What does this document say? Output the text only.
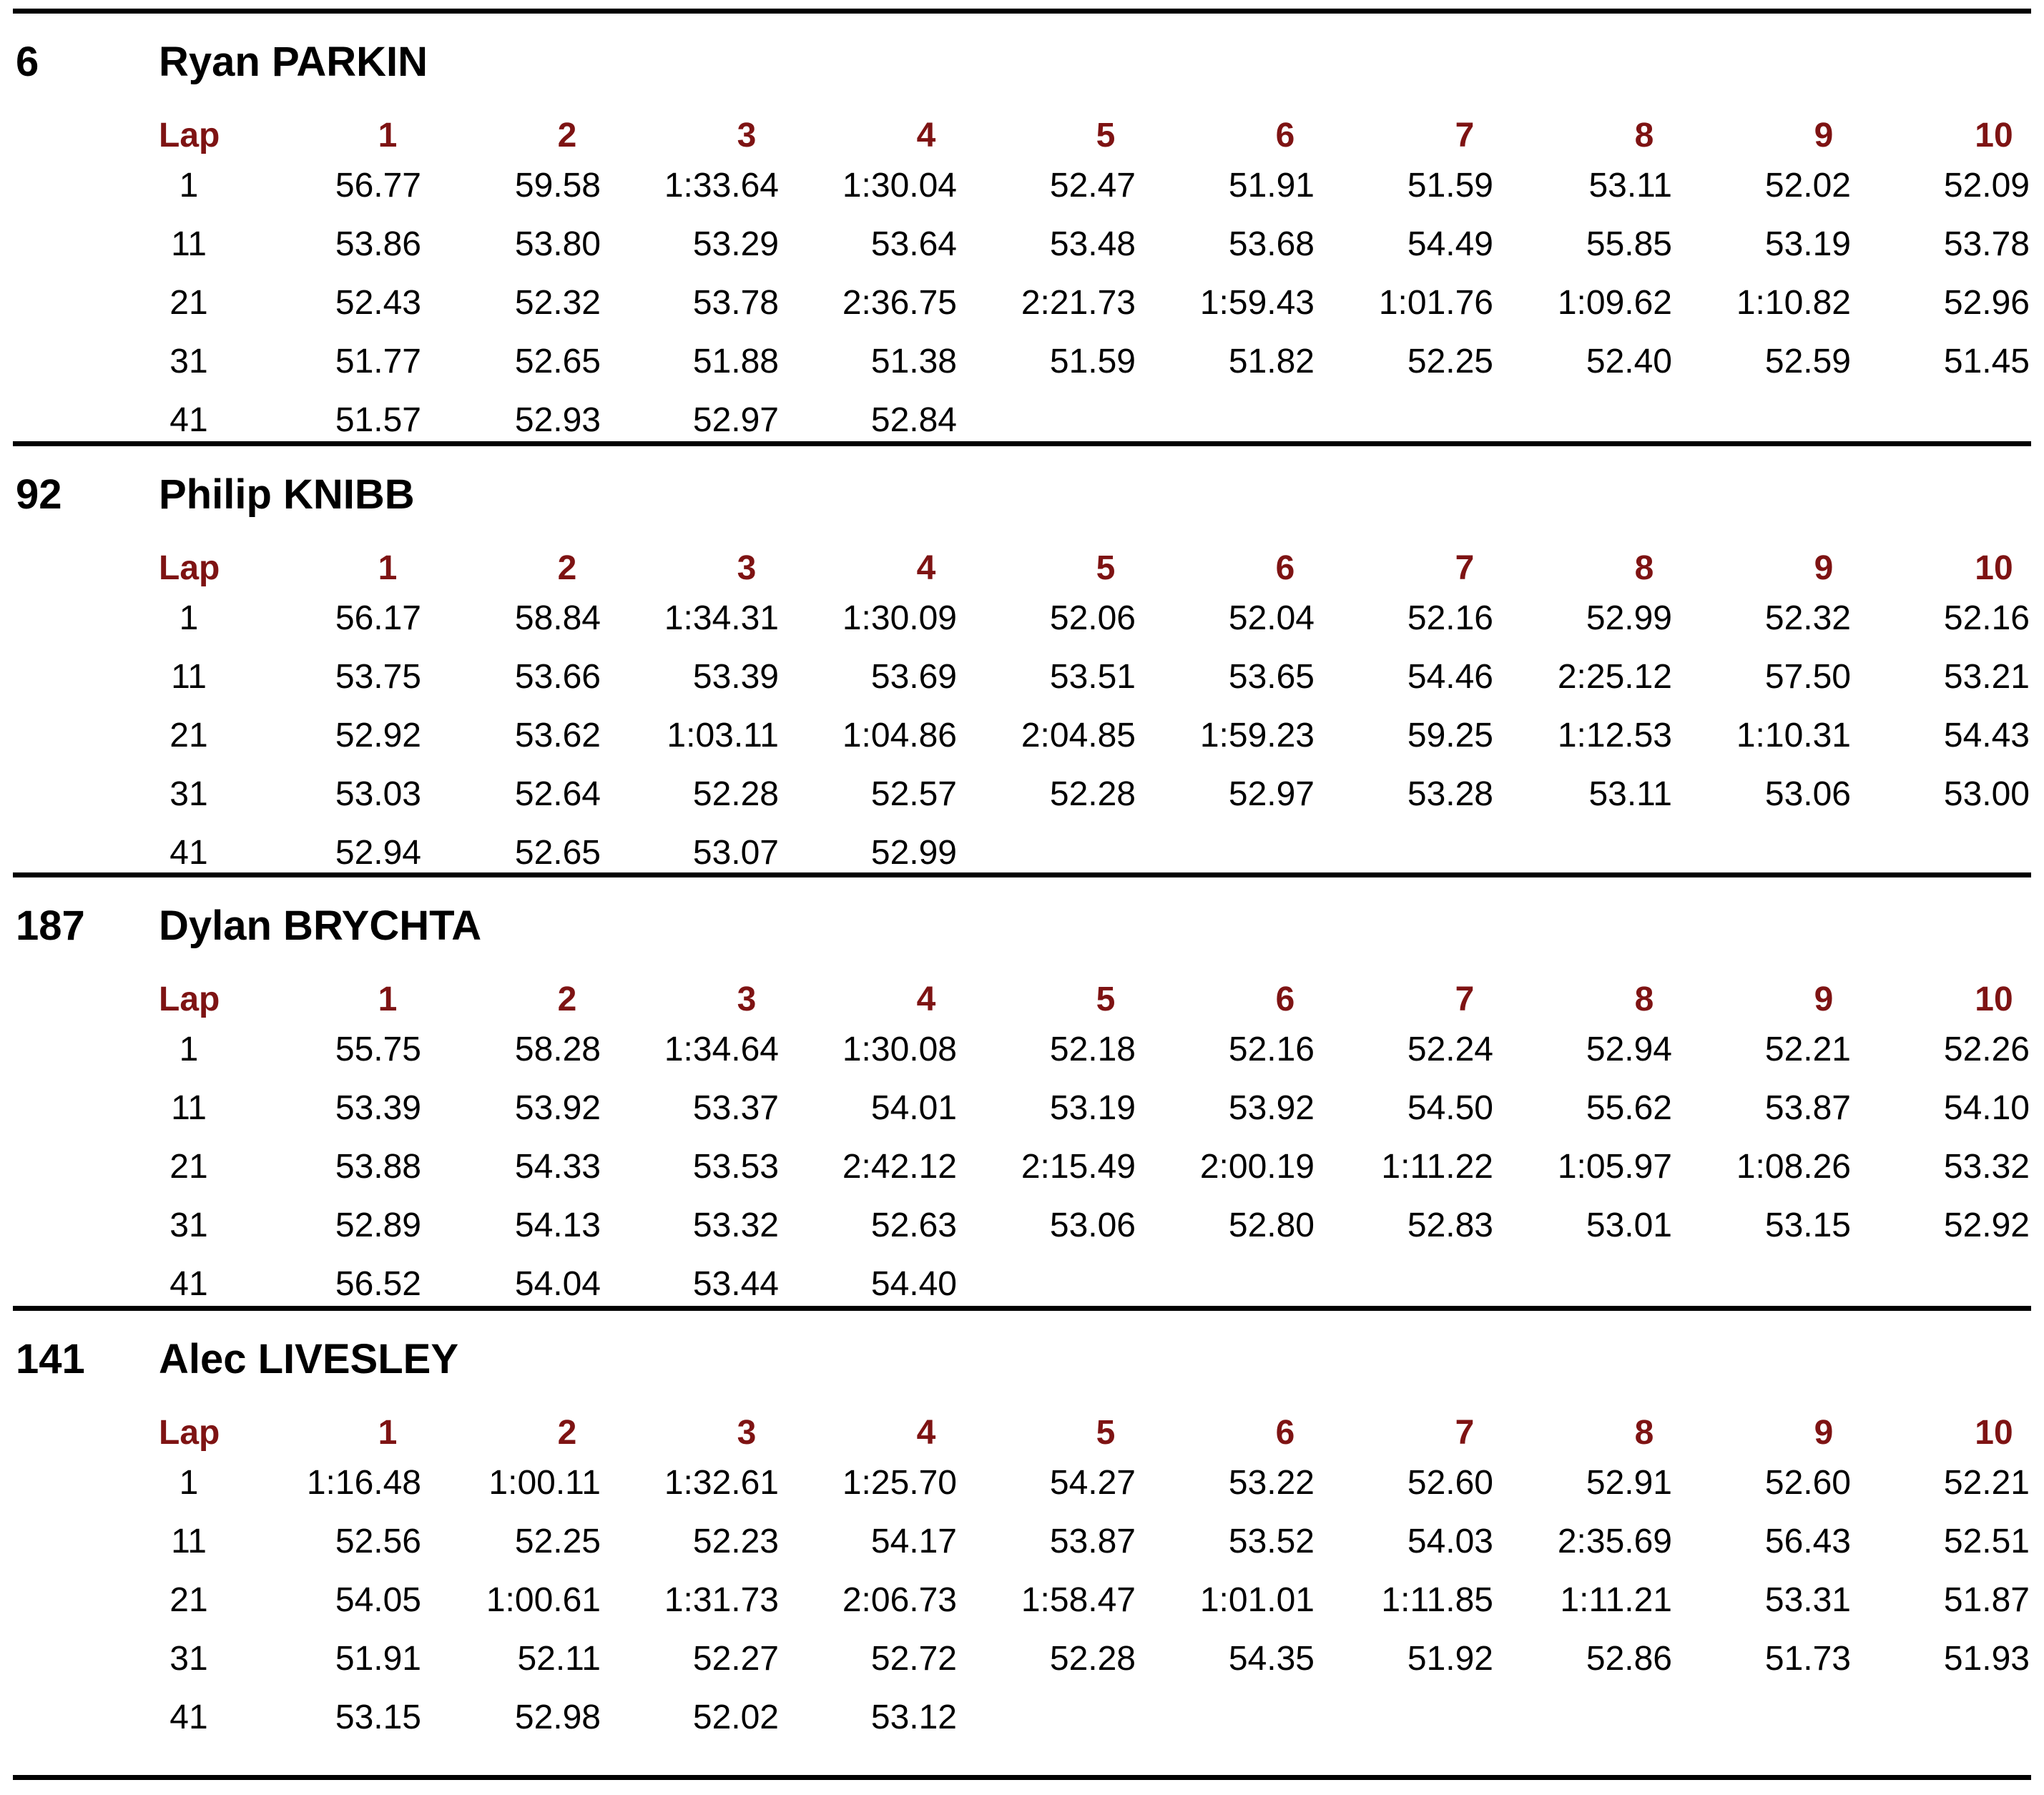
6	Ryan PARKIN
Lap	1	2	3	4	5	6	7	8	9	10
1	56.77	59.58	1:33.64	1:30.04	52.47	51.91	51.59	53.11	52.02	52.09
11	53.86	53.80	53.29	53.64	53.48	53.68	54.49	55.85	53.19	53.78
21	52.43	52.32	53.78	2:36.75	2:21.73	1:59.43	1:01.76	1:09.62	1:10.82	52.96
31	51.77	52.65	51.88	51.38	51.59	51.82	52.25	52.40	52.59	51.45
41	51.57	52.93	52.97	52.84
92 Philip KNIBB
Lap	1	2	3	4	5	6	7	8	9	10
1	56.17	58.84	1:34.31	1:30.09	52.06	52.04	52.16	52.99	52.32	52.16
11	53.75	53.66	53.39	53.69	53.51	53.65	54.46	2:25.12	57.50	53.21
21	52.92	53.62	1:03.11	1:04.86	2:04.85	1:59.23	59.25	1:12.53	1:10.31	54.43
31	53.03	52.64	52.28	52.57	52.28	52.97	53.28	53.11	53.06	53.00
41	52.94	52.65	53.07	52.99
187 Dylan BRYCHTA
Lap	1	2	3	4	5	6	7	8	9	10
1	55.75	58.28	1:34.64	1:30.08	52.18	52.16	52.24	52.94	52.21	52.26
11	53.39	53.92	53.37	54.01	53.19	53.92	54.50	55.62	53.87	54.10
21	53.88	54.33	53.53	2:42.12	2:15.49	2:00.19	1:11.22	1:05.97	1:08.26	53.32
31	52.89	54.13	53.32	52.63	53.06	52.80	52.83	53.01	53.15	52.92
41	56.52	54.04	53.44	54.40
141 Alec LIVESLEY
Lap	1	2	3	4	5	6	7	8	9	10
1	1:16.48	1:00.11	1:32.61	1:25.70	54.27	53.22	52.60	52.91	52.60	52.21
11	52.56	52.25	52.23	54.17	53.87	53.52	54.03	2:35.69	56.43	52.51
21	54.05	1:00.61	1:31.73	2:06.73	1:58.47	1:01.01	1:11.85	1:11.21	53.31	51.87
31	51.91	52.11	52.27	52.72	52.28	54.35	51.92	52.86	51.73	51.93
41	53.15	52.98	52.02	53.12
